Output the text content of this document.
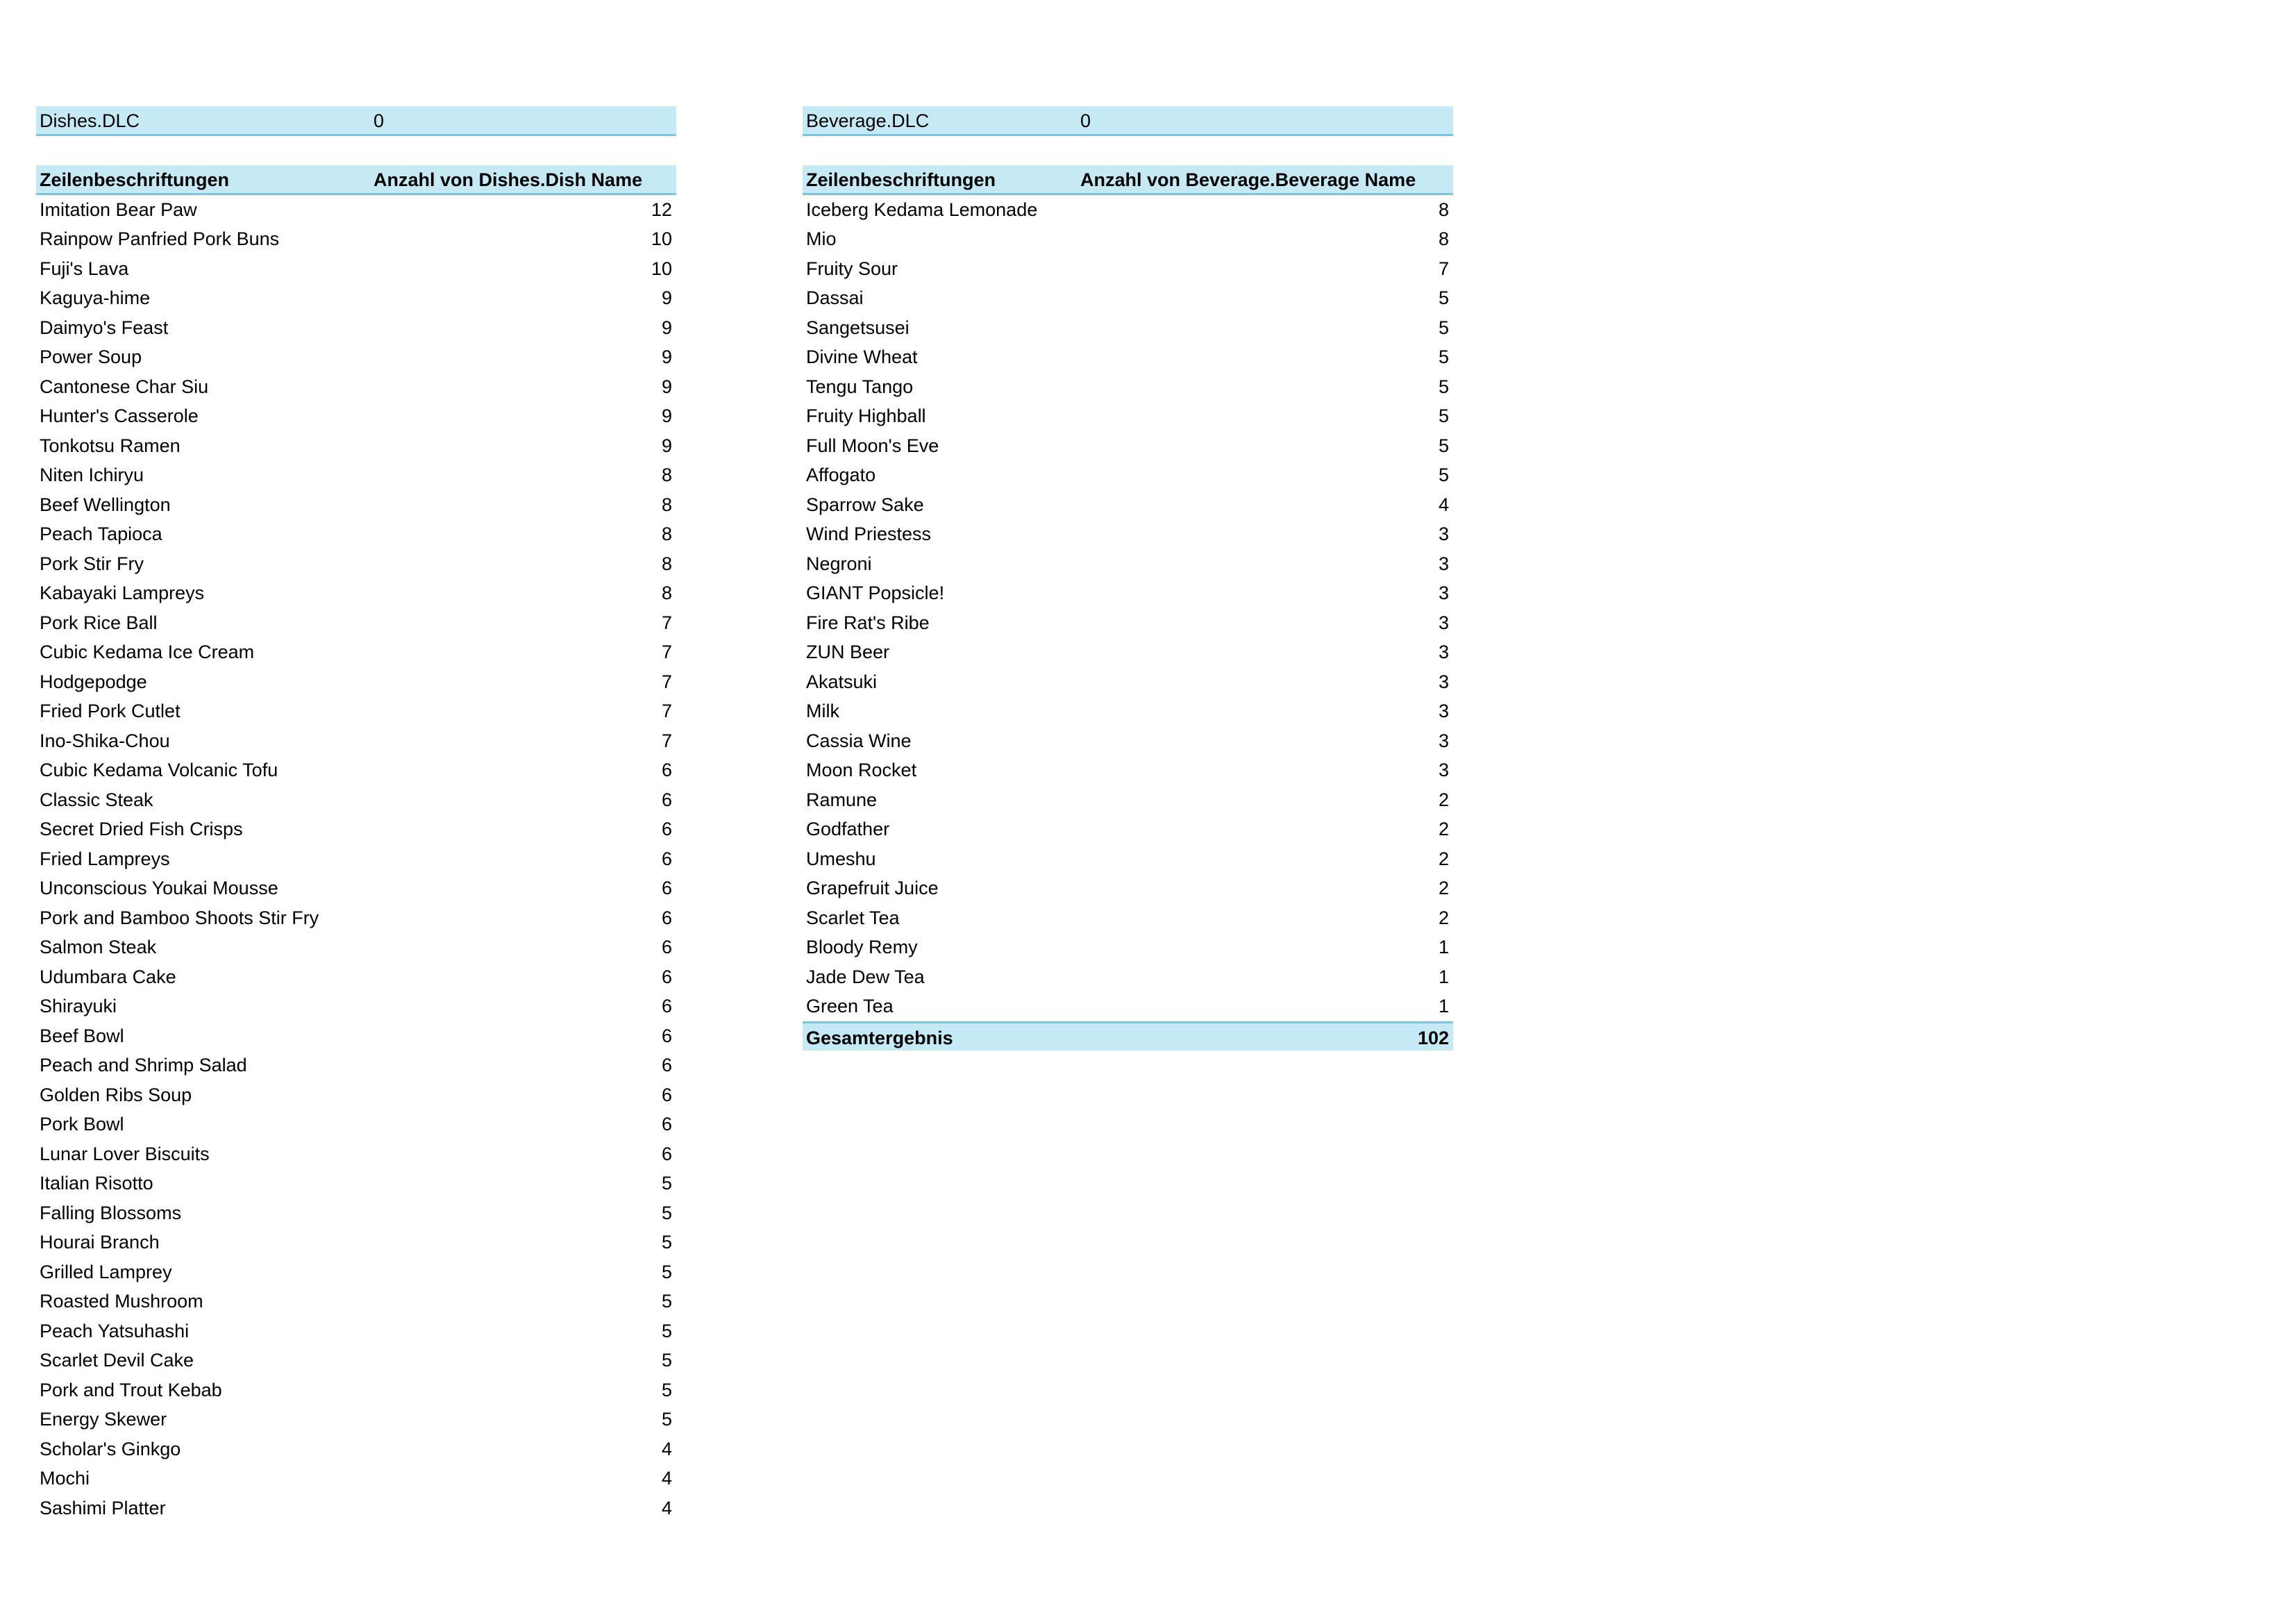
Dishes.DLC	0
Zeilenbeschriftungen	Anzahl von Dishes.Dish Name
Imitation Bear Paw	12
Rainpow Panfried Pork Buns	10
Fuji's Lava	10
Kaguya-hime	9
Daimyo's Feast	9
Power Soup	9
Cantonese Char Siu	9
Hunter's Casserole	9
Tonkotsu Ramen	9
Niten Ichiryu	8
Beef Wellington	8
Peach Tapioca	8
Pork Stir Fry	8
Kabayaki Lampreys	8
Pork Rice Ball	7
Cubic Kedama Ice Cream	7
Hodgepodge	7
Fried Pork Cutlet	7
Ino-Shika-Chou	7
Cubic Kedama Volcanic Tofu	6
Classic Steak	6
Secret Dried Fish Crisps	6
Fried Lampreys	6
Unconscious Youkai Mousse	6
Pork and Bamboo Shoots Stir Fry	6
Salmon Steak	6
Udumbara Cake	6
Shirayuki	6
Beef Bowl	6
Peach and Shrimp Salad	6
Golden Ribs Soup	6
Pork Bowl	6
Lunar Lover Biscuits	6
Italian Risotto	5
Falling Blossoms	5
Hourai Branch	5
Grilled Lamprey	5
Roasted Mushroom	5
Peach Yatsuhashi	5
Scarlet Devil Cake	5
Pork and Trout Kebab	5
Energy Skewer	5
Scholar's Ginkgo	4
Mochi	4
Sashimi Platter	4
Beverage.DLC	0
Zeilenbeschriftungen	Anzahl von Beverage.Beverage Name
Iceberg Kedama Lemonade	8
Mio	8
Fruity Sour	7
Dassai	5
Sangetsusei	5
Divine Wheat	5
Tengu Tango	5
Fruity Highball	5
Full Moon's Eve	5
Affogato	5
Sparrow Sake	4
Wind Priestess	3
Negroni	3
GIANT Popsicle!	3
Fire Rat's Ribe	3
ZUN Beer	3
Akatsuki	3
Milk	3
Cassia Wine	3
Moon Rocket	3
Ramune	2
Godfather	2
Umeshu	2
Grapefruit Juice	2
Scarlet Tea	2
Bloody Remy	1
Jade Dew Tea	1
Green Tea	1
Gesamtergebnis	102
